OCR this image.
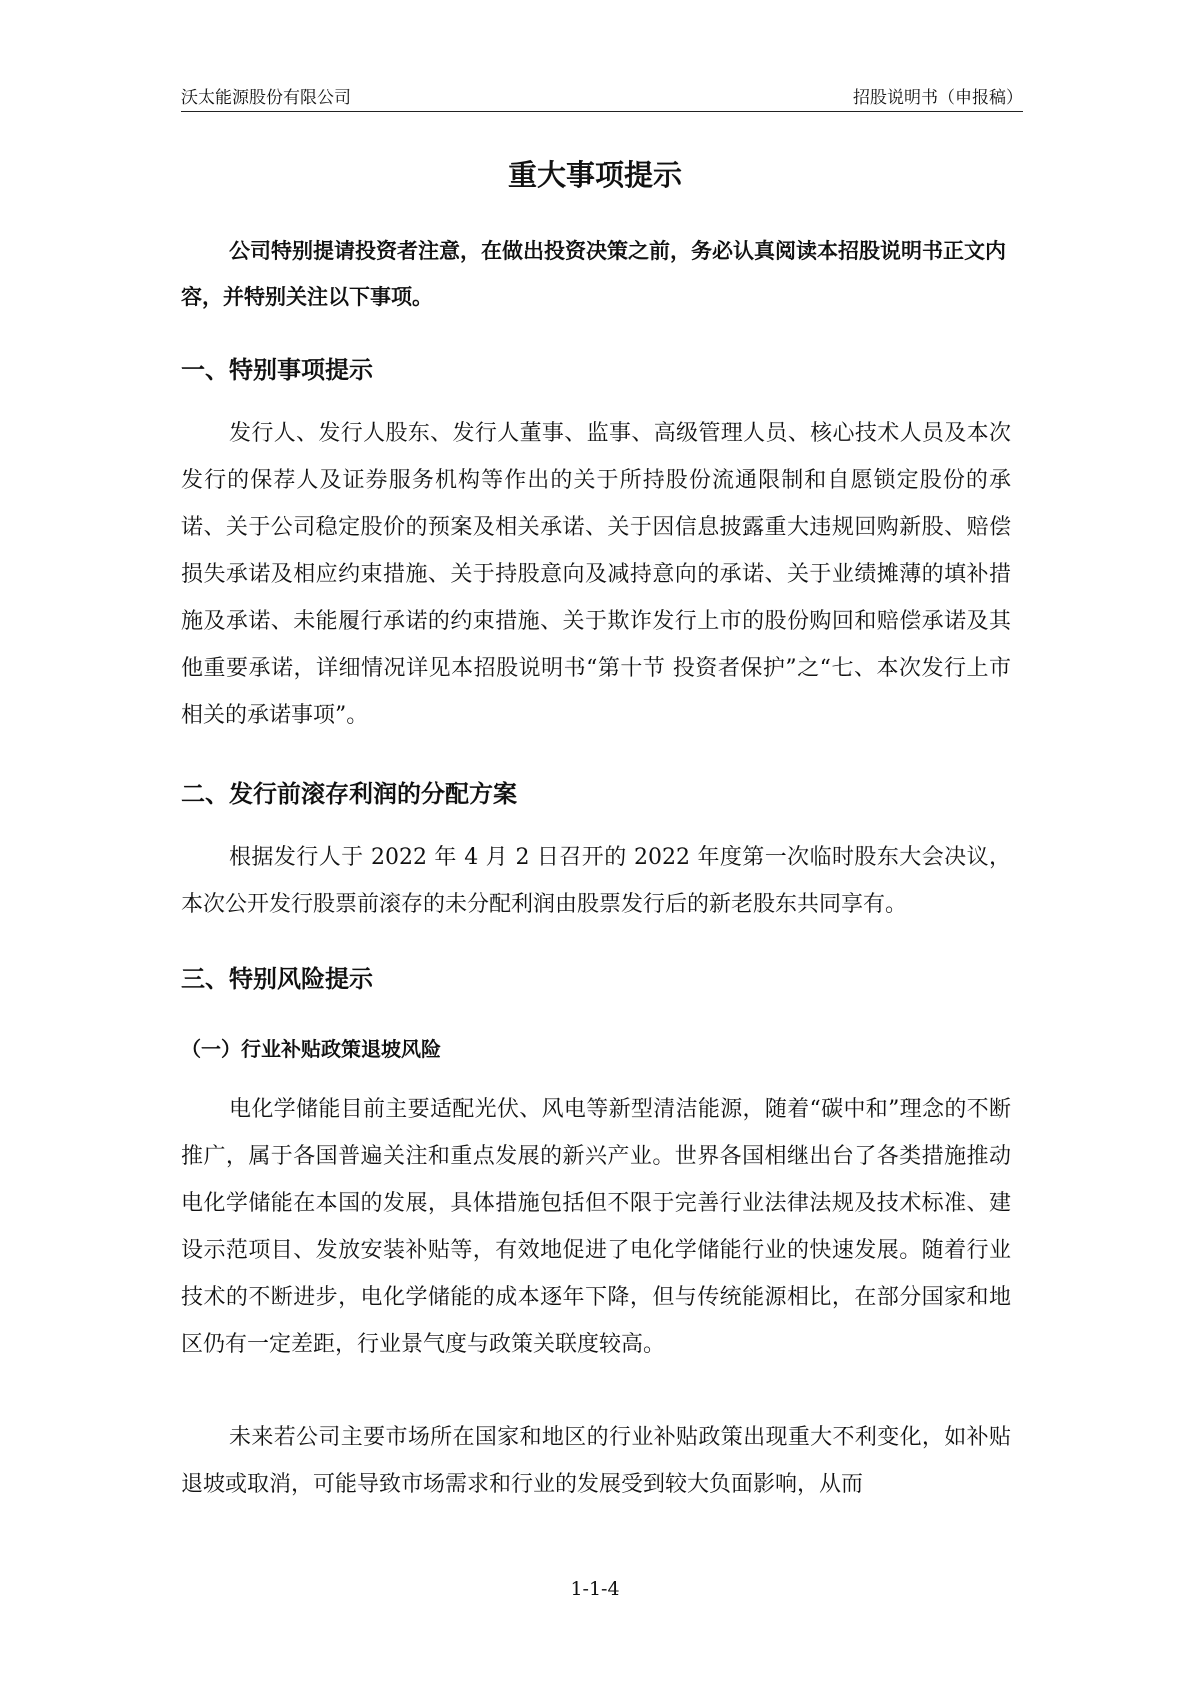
沃太能源股份有限公司	招股说明书（申报稿）
重大事项提示
公司特别提请投资者注意，在做出投资决策之前，务必认真阅读本招股说明书正文内容，并特别关注以下事项。
一、特别事项提示
发行人、发行人股东、发行人董事、监事、高级管理人员、核心技术人员及本次发行的保荐人及证券服务机构等作出的关于所持股份流通限制和自愿锁定股份的承诺、关于公司稳定股价的预案及相关承诺、关于因信息披露重大违规回购新股、赔偿损失承诺及相应约束措施、关于持股意向及减持意向的承诺、关于业绩摊薄的填补措施及承诺、未能履行承诺的约束措施、关于欺诈发行上市的股份购回和赔偿承诺及其他重要承诺，详细情况详见本招股说明书“第十节 投资者保护”之“七、本次发行上市相关的承诺事项”。
二、发行前滚存利润的分配方案
根据发行人于 2022 年 4 月 2 日召开的 2022 年度第一次临时股东大会决议，本次公开发行股票前滚存的未分配利润由股票发行后的新老股东共同享有。
三、特别风险提示
（一）行业补贴政策退坡风险
电化学储能目前主要适配光伏、风电等新型清洁能源，随着“碳中和”理念的不断推广，属于各国普遍关注和重点发展的新兴产业。世界各国相继出台了各类措施推动电化学储能在本国的发展，具体措施包括但不限于完善行业法律法规及技术标准、建设示范项目、发放安装补贴等，有效地促进了电化学储能行业的快速发展。随着行业技术的不断进步，电化学储能的成本逐年下降，但与传统能源相比，在部分国家和地区仍有一定差距，行业景气度与政策关联度较高。
未来若公司主要市场所在国家和地区的行业补贴政策出现重大不利变化，如补贴退坡或取消，可能导致市场需求和行业的发展受到较大负面影响，从而
1-1-4
